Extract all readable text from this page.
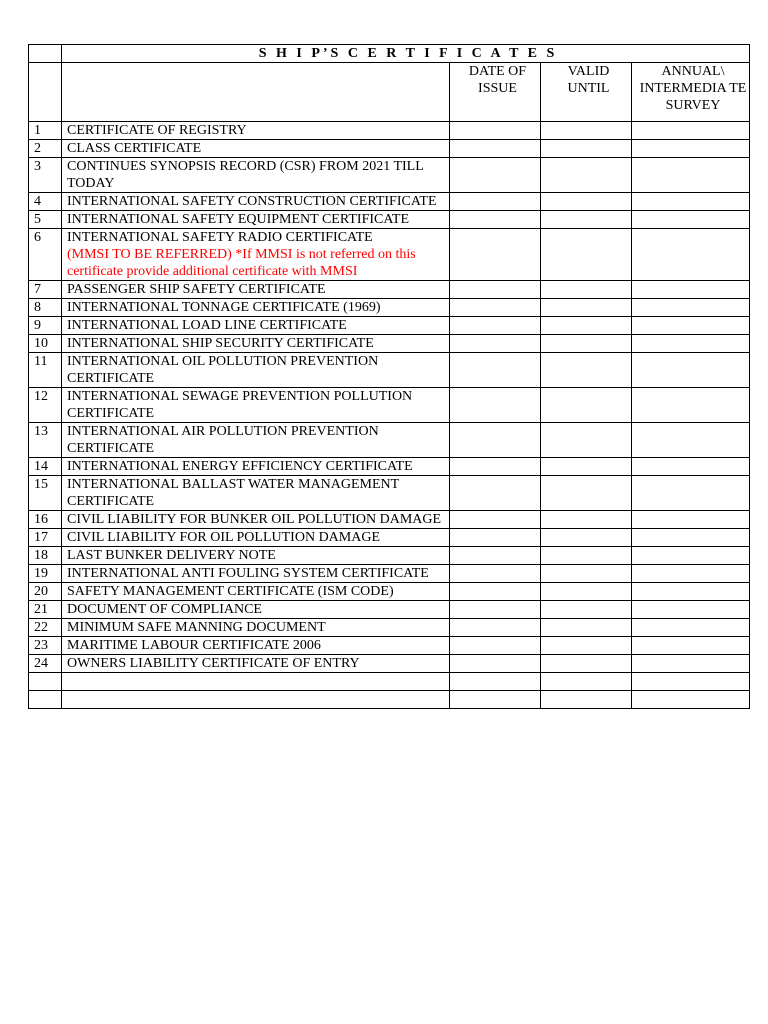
	S H I P’S C E R T I F I C A T E S			
		DATE OF ISSUE	VALID UNTIL	ANNUAL\ INTERMEDIA TE SURVEY
1	CERTIFICATE OF REGISTRY			
2	CLASS CERTIFICATE			
3	CONTINUES SYNOPSIS RECORD (CSR) FROM 2021 TILL TODAY			
4	INTERNATIONAL SAFETY CONSTRUCTION CERTIFICATE			
5	INTERNATIONAL SAFETY EQUIPMENT CERTIFICATE			
6	INTERNATIONAL SAFETY RADIO CERTIFICATE
(MMSI TO BE REFERRED) *If MMSI is not referred on this certificate provide additional certificate with MMSI			

7	PASSENGER SHIP SAFETY CERTIFICATE			
8	INTERNATIONAL TONNAGE CERTIFICATE (1969)			
9	INTERNATIONAL LOAD LINE CERTIFICATE			
10	INTERNATIONAL SHIP SECURITY CERTIFICATE			
11	INTERNATIONAL OIL POLLUTION PREVENTION CERTIFICATE			
12	INTERNATIONAL SEWAGE PREVENTION POLLUTION CERTIFICATE			
13	INTERNATIONAL AIR POLLUTION PREVENTION CERTIFICATE			
14	INTERNATIONAL ENERGY EFFICIENCY CERTIFICATE			
15	INTERNATIONAL BALLAST WATER MANAGEMENT CERTIFICATE			
16	CIVIL LIABILITY FOR BUNKER OIL POLLUTION DAMAGE			
17	CIVIL LIABILITY FOR OIL POLLUTION DAMAGE			
18	LAST BUNKER DELIVERY NOTE			
19	INTERNATIONAL ANTI FOULING SYSTEM CERTIFICATE			
20	SAFETY MANAGEMENT CERTIFICATE (ISM CODE)			
21	DOCUMENT OF COMPLIANCE			
22	MINIMUM SAFE MANNING DOCUMENT			
23	MARITIME LABOUR CERTIFICATE 2006			
24	OWNERS LIABILITY CERTIFICATE OF ENTRY			
